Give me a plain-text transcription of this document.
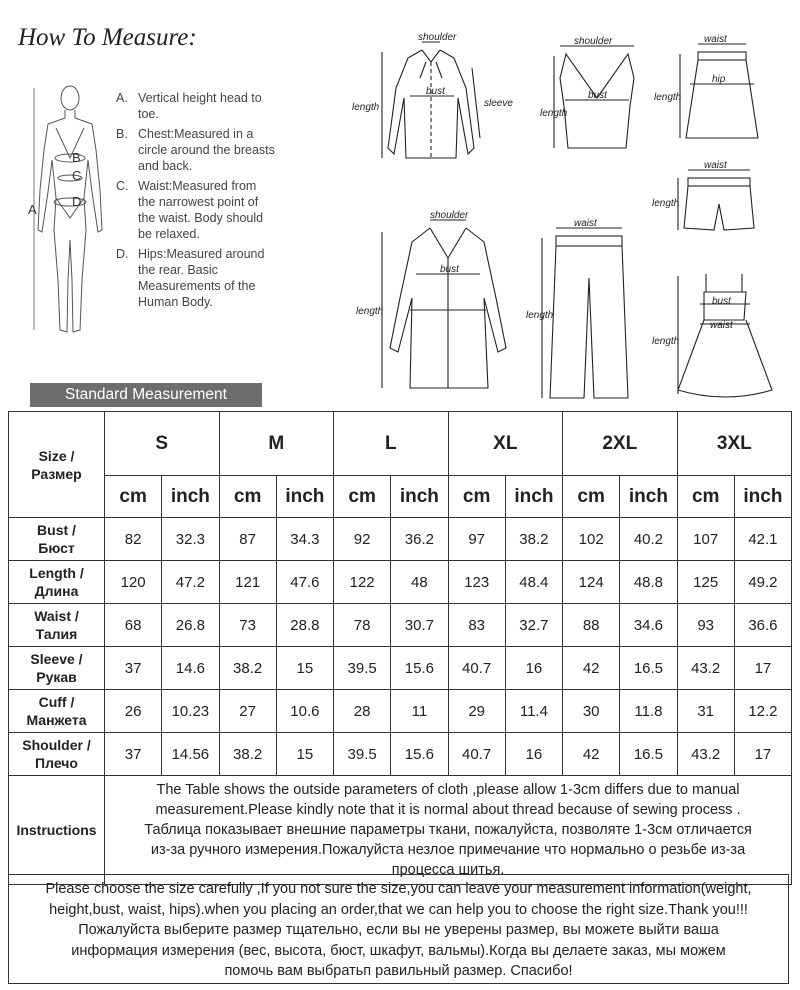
How To Measure:
A
B
C
D
A. Vertical height head to toe.
B. Chest:Measured in a circle around the breasts and back.
C. Waist:Measured from the narrowest point of the waist. Body should be relaxed.
D. Hips:Measured around the rear. Basic Measurements of the Human Body.
Standard Measurement
shoulder
bust
sleeve
length
shoulder
bust
length
waist
hip
length
waist
length
shoulder
bust
length
waist
length
bust
waist
length
Size /
Размер	S		M		L		XL		2XL		3XL	
	cm	inch	cm	inch	cm	inch	cm	inch	cm	inch	cm	inch

Bust /
Бюст	82	32.3	87	34.3	92	36.2	97	38.2	102	40.2	107	42.1

Length /
Длина	120	47.2	121	47.6	122	48	123	48.4	124	48.8	125	49.2

Waist /
Талия	68	26.8	73	28.8	78	30.7	83	32.7	88	34.6	93	36.6

Sleeve /
Рукав	37	14.6	38.2	15	39.5	15.6	40.7	16	42	16.5	43.2	17

Cuff /
Манжета	26	10.23	27	10.6	28	11	29	11.4	30	11.8	31	12.2

Shoulder /
Плечо	37	14.56	38.2	15	39.5	15.6	40.7	16	42	16.5	43.2	17
Instructions	The Table shows the outside parameters of cloth ,please allow 1-3cm differs due to manual
measurement.Please kindly note that it is normal about thread because of sewing process .
Таблица показывает внешние параметры ткани, пожалуйста, позволяте 1-3см отличается
из-за ручного измерения.Пожалуйста незлое примечание что нормально о резьбе из-за
процесса шитья.											
Please choose the size carefully ,If you not sure the size,you can leave your measurement information(weight,
height,bust, waist, hips).when you placing an order,that we can help you to choose the right size.Thank you!!!
Пожалуйста выберите размер тщательно, если вы не уверены размер, вы можете выйти ваша
информация измерения (вес, высота, бюст, шкафут, вальмы).Когда вы делаете заказ, мы можем
помочь вам выбратьп равильный размер. Спасибо!
